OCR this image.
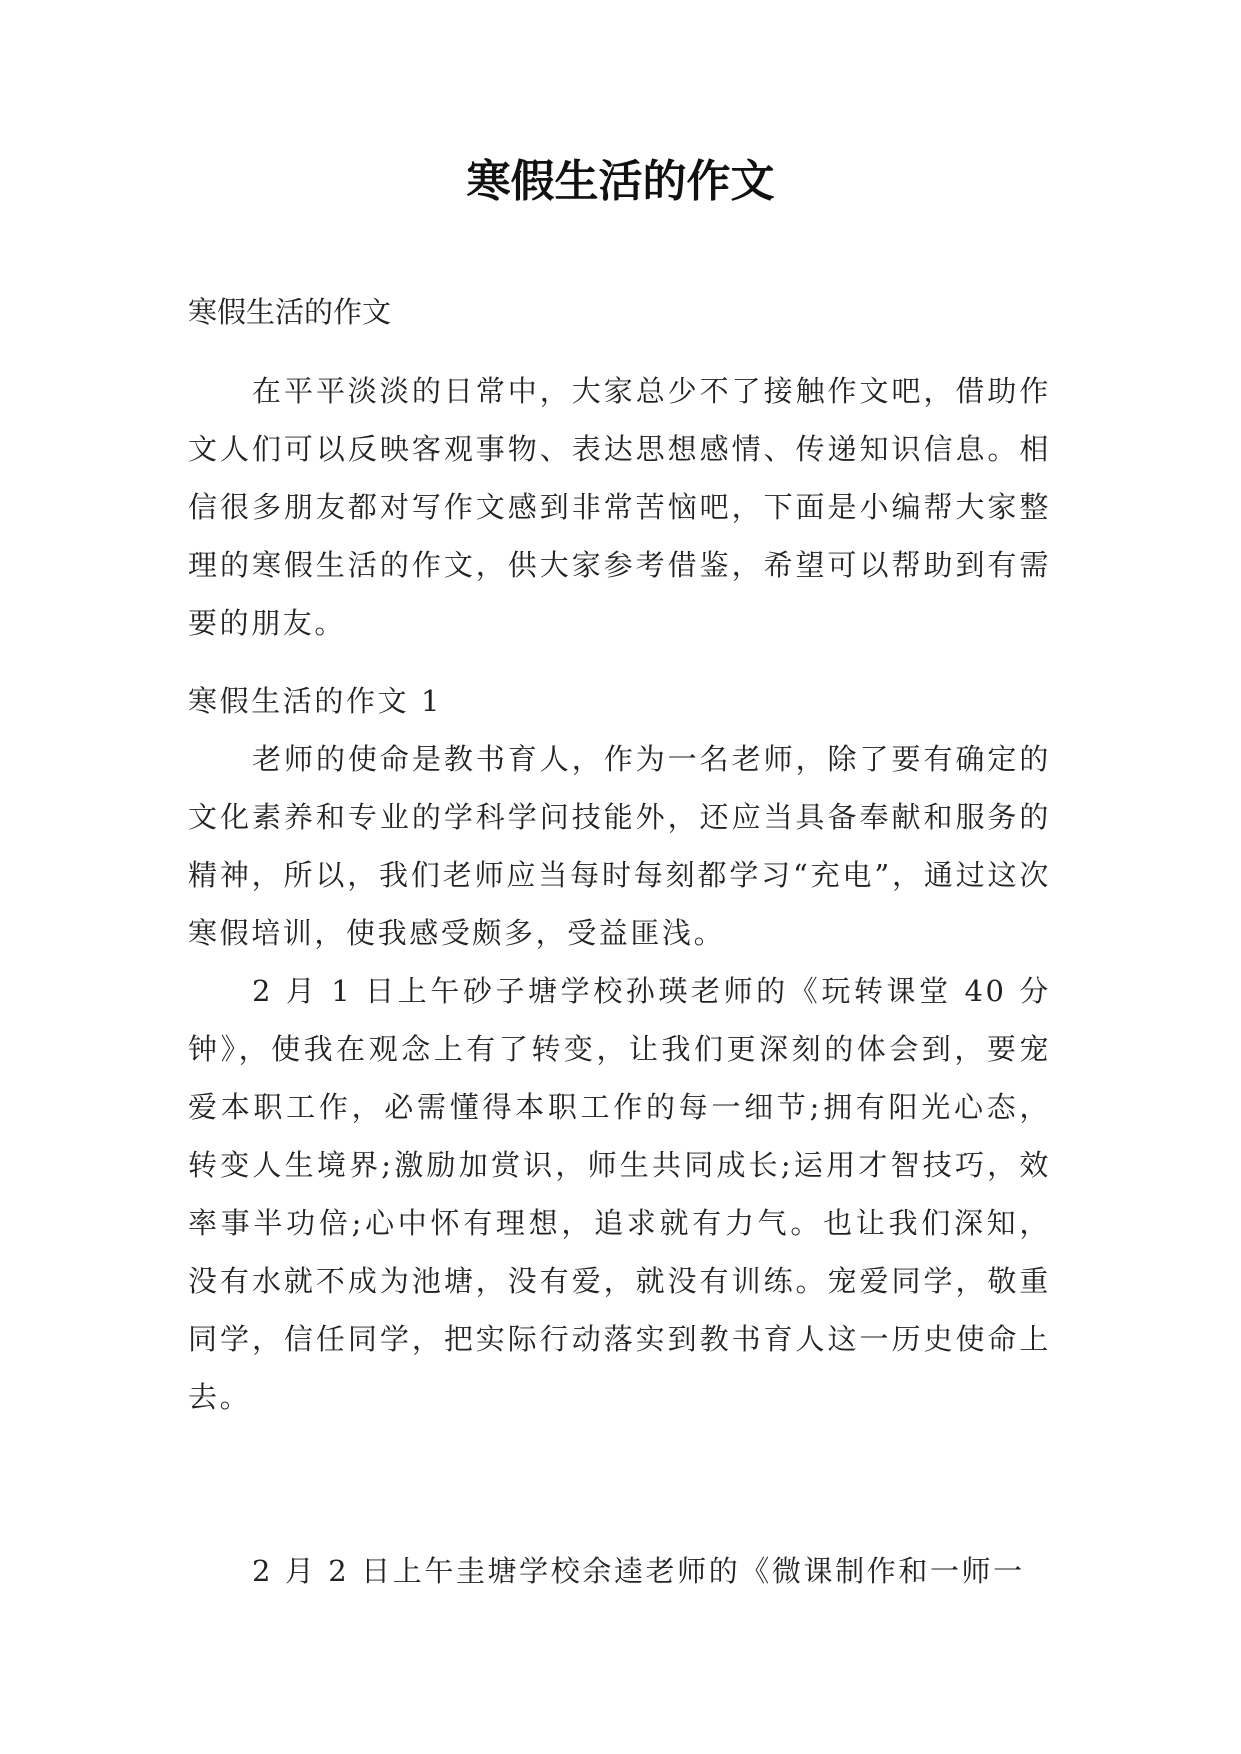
寒假生活的作文

寒假生活的作文

在平平淡淡的日常中，大家总少不了接触作文吧，借助作文人们可以反映客观事物、表达思想感情、传递知识信息。相信很多朋友都对写作文感到非常苦恼吧，下面是小编帮大家整理的寒假生活的作文，供大家参考借鉴，希望可以帮助到有需要的朋友。

寒假生活的作文 1

老师的使命是教书育人，作为一名老师，除了要有确定的文化素养和专业的学科学问技能外，还应当具备奉献和服务的精神，所以，我们老师应当每时每刻都学习“充电”，通过这次寒假培训，使我感受颇多，受益匪浅。

2 月 1 日上午砂子塘学校孙瑛老师的《玩转课堂 40 分钟》，使我在观念上有了转变，让我们更深刻的体会到，要宠爱本职工作，必需懂得本职工作的每一细节;拥有阳光心态，转变人生境界;激励加赏识，师生共同成长;运用才智技巧，效率事半功倍;心中怀有理想，追求就有力气。也让我们深知，没有水就不成为池塘，没有爱，就没有训练。宠爱同学，敬重同学，信任同学，把实际行动落实到教书育人这一历史使命上去。

2 月 2 日上午圭塘学校余逵老师的《微课制作和一师一
